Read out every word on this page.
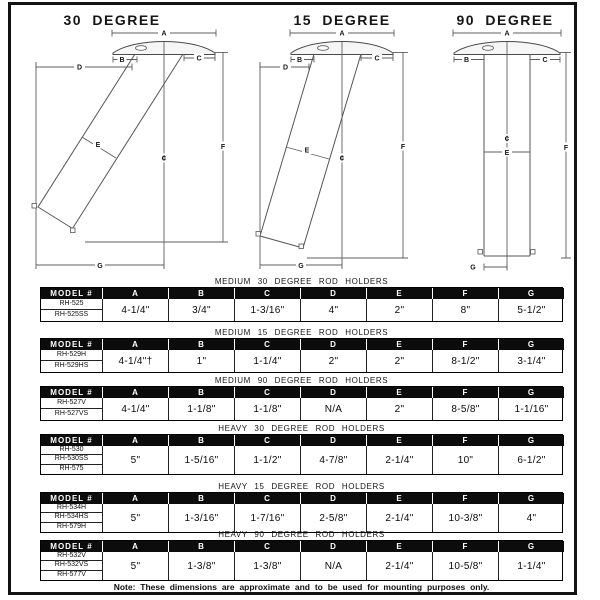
30 DEGREE
A
B	C
D
E
¢
F
G
15 DEGREE
A
B	C
D
E
¢
F
G
90 DEGREE
A
B	C
¢
E
F
G
MEDIUM 30 DEGREE ROD HOLDERS
MODEL #	A	B	C	D	E	F	G
RH-525
RH-525SS	4-1/4"	3/4"	1-3/16"	4"	2"	8"	5-1/2"
MEDIUM 15 DEGREE ROD HOLDERS
MODEL #	A	B	C	D	E	F	G
RH-529H
RH-529HS	4-1/4"†	1"	1-1/4"	2"	2"	8-1/2"	3-1/4"
MEDIUM 90 DEGREE ROD HOLDERS
MODEL #	A	B	C	D	E	F	G
RH-527V
RH-527VS	4-1/4"	1-1/8"	1-1/8"	N/A	2"	8-5/8"	1-1/16"
HEAVY 30 DEGREE ROD HOLDERS
MODEL #	A	B	C	D	E	F	G
RH-530
RH-530SS
RH-575
5"	1-5/16"	1-1/2"	4-7/8"	2-1/4"	10"	6-1/2"
HEAVY 15 DEGREE ROD HOLDERS
MODEL #	A	B	C	D	E	F	G
RH-534H
RH-534HS
RH-579H
5"	1-3/16"	1-7/16"	2-5/8"	2-1/4"	10-3/8"	4"
HEAVY 90 DEGREE ROD HOLDERS
MODEL #	A	B	C	D	E	F	G
RH-532V
RH-532VS
RH-577V
5"	1-3/8"	1-3/8"	N/A	2-1/4"	10-5/8"	1-1/4"
Note: These dimensions are approximate and to be used for mounting purposes only.
